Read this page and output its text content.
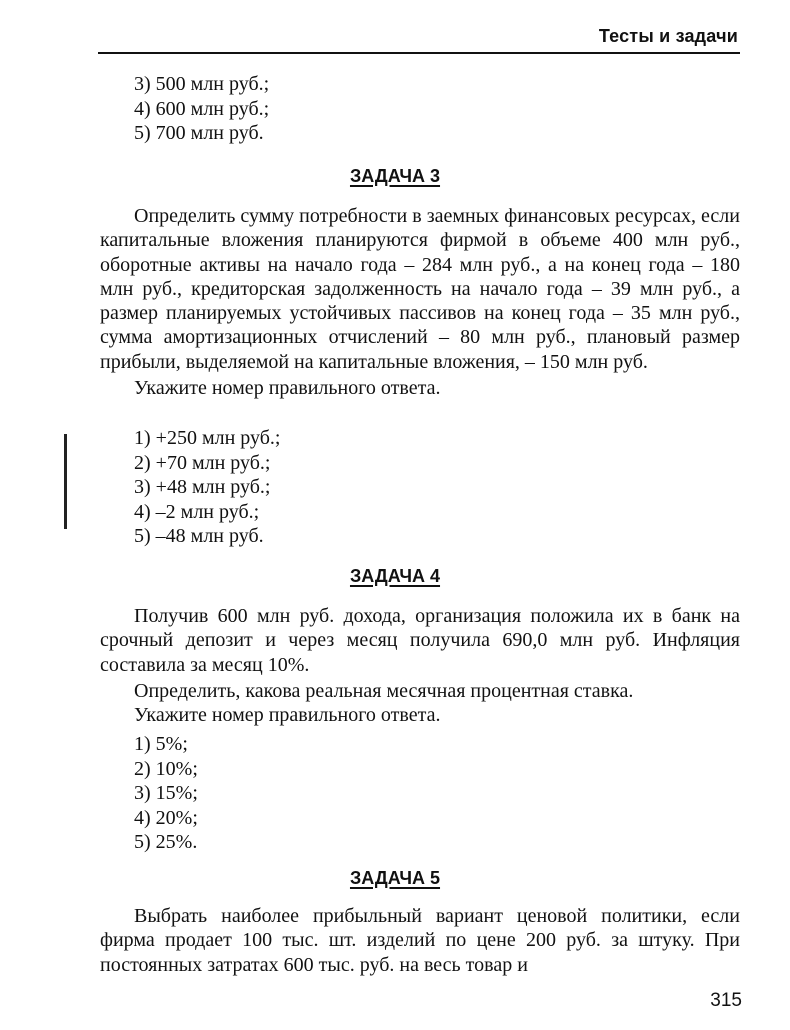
Тесты и задачи
3) 500 млн руб.;
4) 600 млн руб.;
5) 700 млн руб.
ЗАДАЧА 3

Определить сумму потребности в заемных финансовых ресурсах, если капитальные вложения планируются фирмой в объеме 400 млн руб., оборотные активы на начало года – 284 млн руб., а на конец года – 180 млн руб., кредиторская задолженность на начало года – 39 млн руб., а размер планируемых устойчивых пассивов на конец года – 35 млн руб., сумма амортизационных отчислений – 80 млн руб., плановый размер прибыли, выделяемой на капитальные вложения, – 150 млн руб.

Укажите номер правильного ответа.

1) +250 млн руб.;
2) +70 млн руб.;
3) +48 млн руб.;
4) –2 млн руб.;
5) –48 млн руб.
ЗАДАЧА 4

Получив 600 млн руб. дохода, организация положила их в банк на срочный депозит и через месяц получила 690,0 млн руб. Инфляция составила за месяц 10%.

Определить, какова реальная месячная процентная ставка.

Укажите номер правильного ответа.

1) 5%;
2) 10%;
3) 15%;
4) 20%;
5) 25%.
ЗАДАЧА 5

Выбрать наиболее прибыльный вариант ценовой политики, если фирма продает 100 тыс. шт. изделий по цене 200 руб. за штуку. При постоянных затратах 600 тыс. руб. на весь товар и

315
